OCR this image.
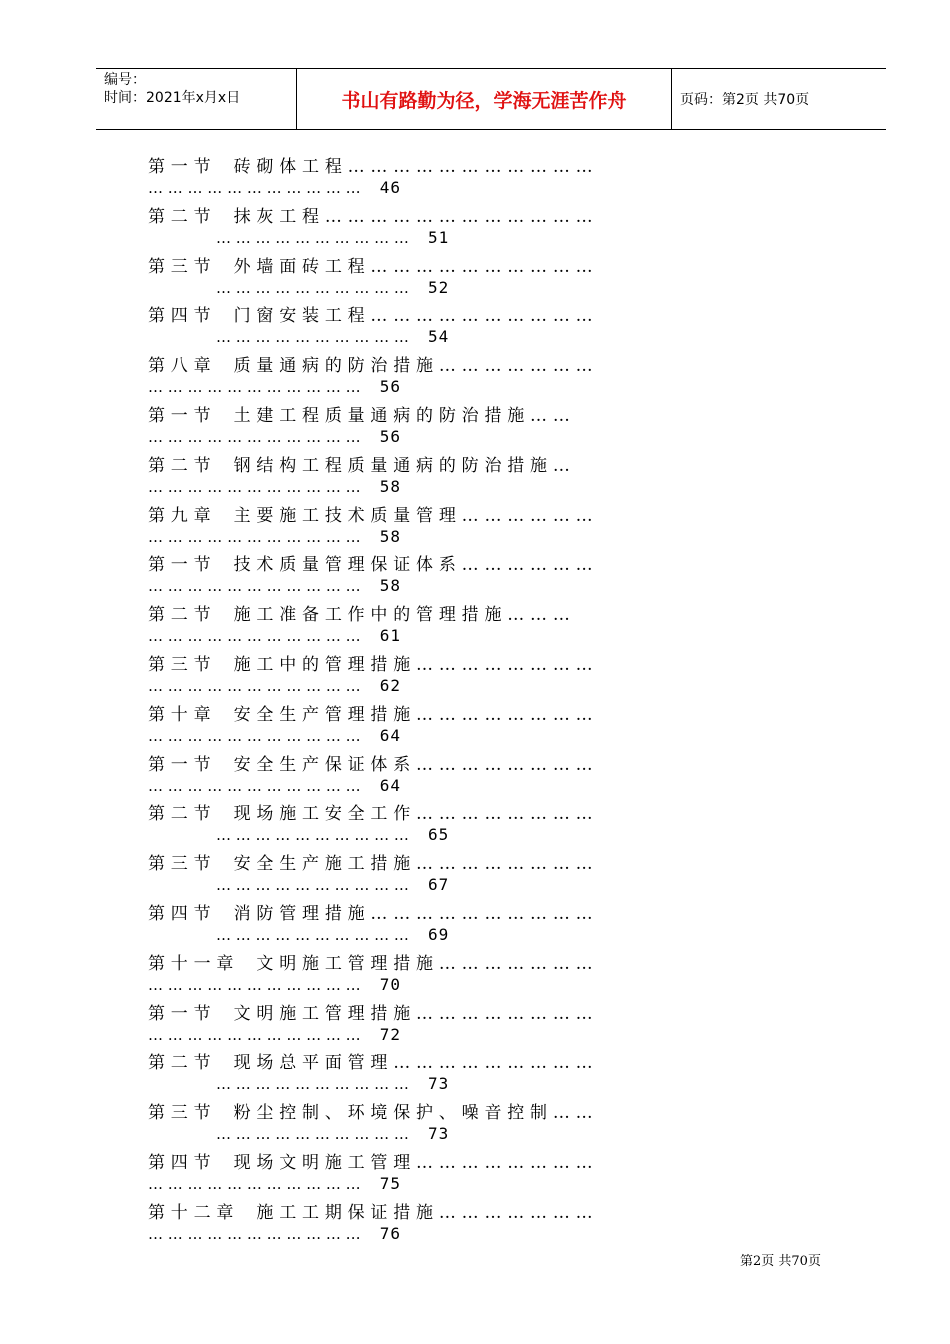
编号：
时间：2021年x月x日	书山有路勤为径，学海无涯苦作舟	页码：第2页 共70页
第 一 节　 砖 砌 体 工 程 … … … … … … … … … … …
… … … … … … … … … … … 46
第 二 节　 抹 灰 工 程 … … … … … … … … … … … …
… … … … … … … … … … 51
第 三 节　 外 墙 面 砖 工 程 … … … … … … … … … …
… … … … … … … … … … 52
第 四 节　 门 窗 安 装 工 程 … … … … … … … … … …
… … … … … … … … … … 54
第 八 章　 质 量 通 病 的 防 治 措 施 … … … … … … …
… … … … … … … … … … … 56
第 一 节　 土 建 工 程 质 量 通 病 的 防 治 措 施 … …
… … … … … … … … … … … 56
第 二 节　 钢 结 构 工 程 质 量 通 病 的 防 治 措 施 …
… … … … … … … … … … … 58
第 九 章　 主 要 施 工 技 术 质 量 管 理 … … … … … …
… … … … … … … … … … … 58
第 一 节　 技 术 质 量 管 理 保 证 体 系 … … … … … …
… … … … … … … … … … … 58
第 二 节　 施 工 准 备 工 作 中 的 管 理 措 施 … … …
… … … … … … … … … … … 61
第 三 节　 施 工 中 的 管 理 措 施 … … … … … … … …
… … … … … … … … … … … 62
第 十 章　 安 全 生 产 管 理 措 施 … … … … … … … …
… … … … … … … … … … … 64
第 一 节　 安 全 生 产 保 证 体 系 … … … … … … … …
… … … … … … … … … … … 64
第 二 节　 现 场 施 工 安 全 工 作 … … … … … … … …
… … … … … … … … … … 65
第 三 节　 安 全 生 产 施 工 措 施 … … … … … … … …
… … … … … … … … … … 67
第 四 节　 消 防 管 理 措 施 … … … … … … … … … …
… … … … … … … … … … 69
第 十 一 章　 文 明 施 工 管 理 措 施 … … … … … … …
… … … … … … … … … … … 70
第 一 节　 文 明 施 工 管 理 措 施 … … … … … … … …
… … … … … … … … … … … 72
第 二 节　 现 场 总 平 面 管 理 … … … … … … … … …
… … … … … … … … … … 73
第 三 节　 粉 尘 控 制 、 环 境 保 护 、 噪 音 控 制 … …
… … … … … … … … … … 73
第 四 节　 现 场 文 明 施 工 管 理 … … … … … … … …
… … … … … … … … … … … 75
第 十 二 章　 施 工 工 期 保 证 措 施 … … … … … … …
… … … … … … … … … … … 76
第2页 共70页
